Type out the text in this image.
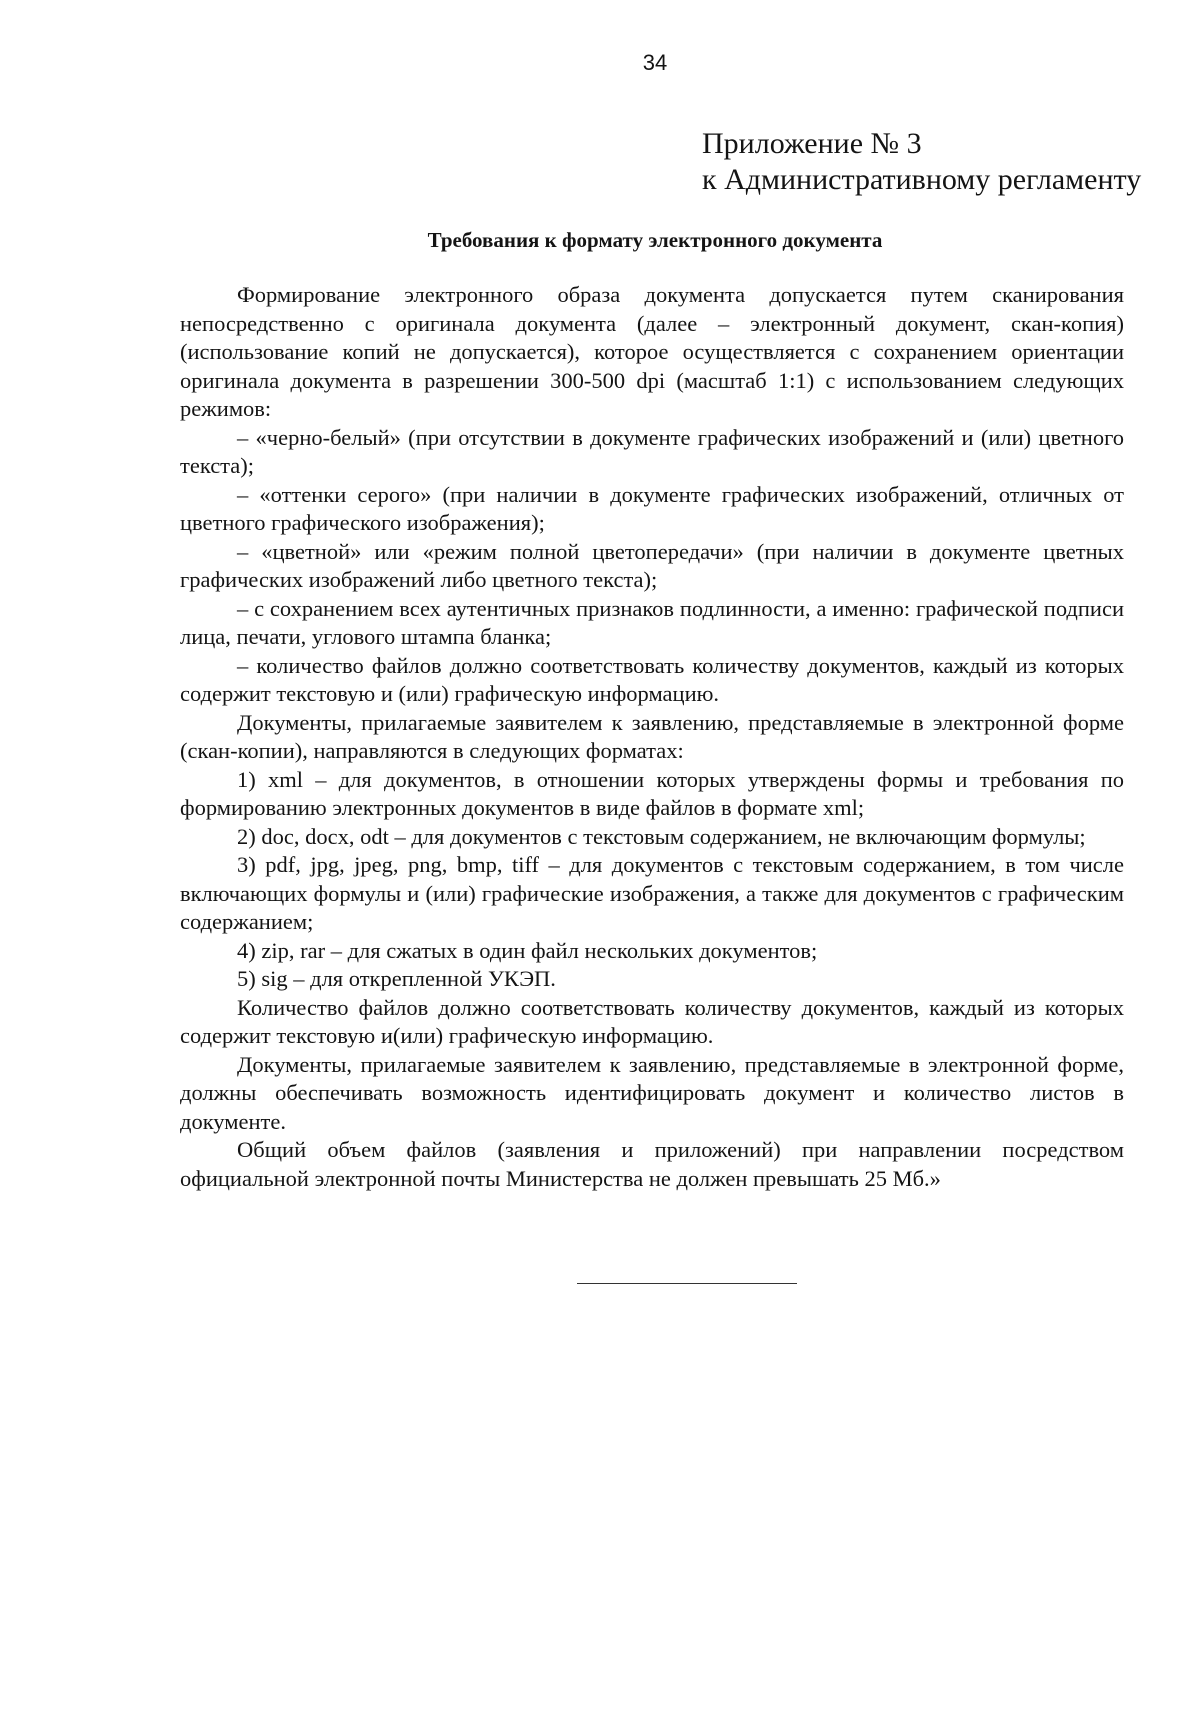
34
Приложение № 3
к Административному регламенту
Требования к формату электронного документа

Формирование электронного образа документа допускается путем сканирования непосредственно с оригинала документа (далее – электронный документ, скан-копия) (использование копий не допускается), которое осуществляется с сохранением ориентации оригинала документа в разрешении 300-500 dpi (масштаб 1:1) с использованием следующих режимов:

– «черно-белый» (при отсутствии в документе графических изображений и (или) цветного текста);

– «оттенки серого» (при наличии в документе графических изображений, отличных от цветного графического изображения);

– «цветной» или «режим полной цветопередачи» (при наличии в документе цветных графических изображений либо цветного текста);

– с сохранением всех аутентичных признаков подлинности, а именно: графической подписи лица, печати, углового штампа бланка;

– количество файлов должно соответствовать количеству документов, каждый из которых содержит текстовую и (или) графическую информацию.

Документы, прилагаемые заявителем к заявлению, представляемые в электронной форме (скан-копии), направляются в следующих форматах:

1) xml – для документов, в отношении которых утверждены формы и требования по формированию электронных документов в виде файлов в формате xml;

2) doc, docx, odt – для документов с текстовым содержанием, не включающим формулы;

3) pdf, jpg, jpeg, png, bmp, tiff – для документов с текстовым содержанием, в том числе включающих формулы и (или) графические изображения, а также для документов с графическим содержанием;

4) zip, rar – для сжатых в один файл нескольких документов;

5) sig – для открепленной УКЭП.

Количество файлов должно соответствовать количеству документов, каждый из которых содержит текстовую и(или) графическую информацию.

Документы, прилагаемые заявителем к заявлению, представляемые в электронной форме, должны обеспечивать возможность идентифицировать документ и количество листов в документе.

Общий объем файлов (заявления и приложений) при направлении посредством официальной электронной почты Министерства не должен превышать 25 Мб.»
